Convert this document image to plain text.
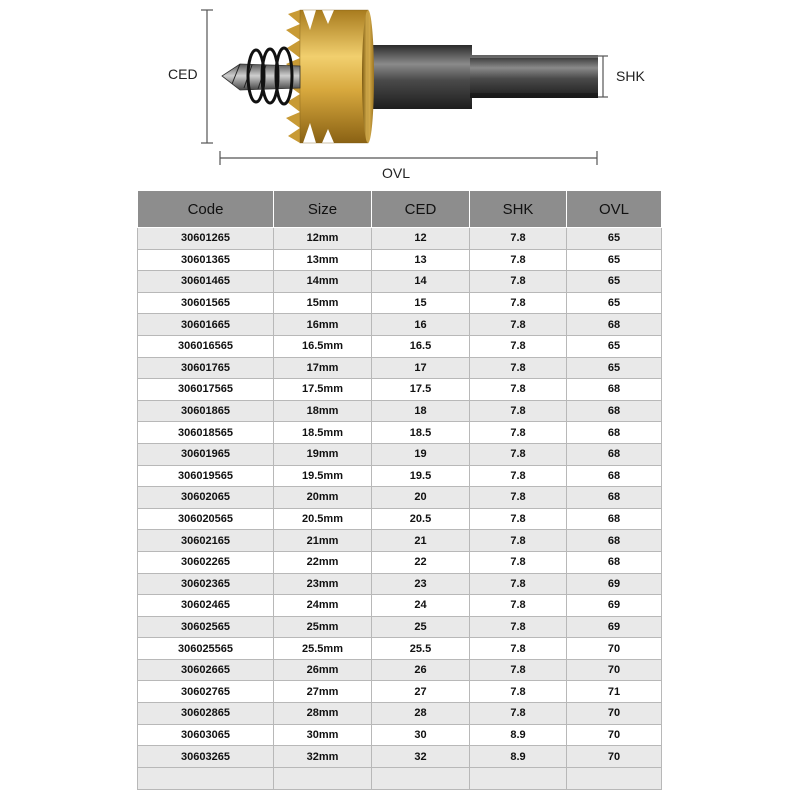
CED	SHK
OVL
Code	Size	CED	SHK	OVL
30601265	12mm	12	7.8	65
30601365	13mm	13	7.8	65
30601465	14mm	14	7.8	65
30601565	15mm	15	7.8	65
30601665	16mm	16	7.8	68
306016565	16.5mm	16.5	7.8	65
30601765	17mm	17	7.8	65
306017565	17.5mm	17.5	7.8	68
30601865	18mm	18	7.8	68
306018565	18.5mm	18.5	7.8	68
30601965	19mm	19	7.8	68
306019565	19.5mm	19.5	7.8	68
30602065	20mm	20	7.8	68
306020565	20.5mm	20.5	7.8	68
30602165	21mm	21	7.8	68
30602265	22mm	22	7.8	68
30602365	23mm	23	7.8	69
30602465	24mm	24	7.8	69
30602565	25mm	25	7.8	69
306025565	25.5mm	25.5	7.8	70
30602665	26mm	26	7.8	70
30602765	27mm	27	7.8	71
30602865	28mm	28	7.8	70
30603065	30mm	30	8.9	70
30603265	32mm	32	8.9	70
